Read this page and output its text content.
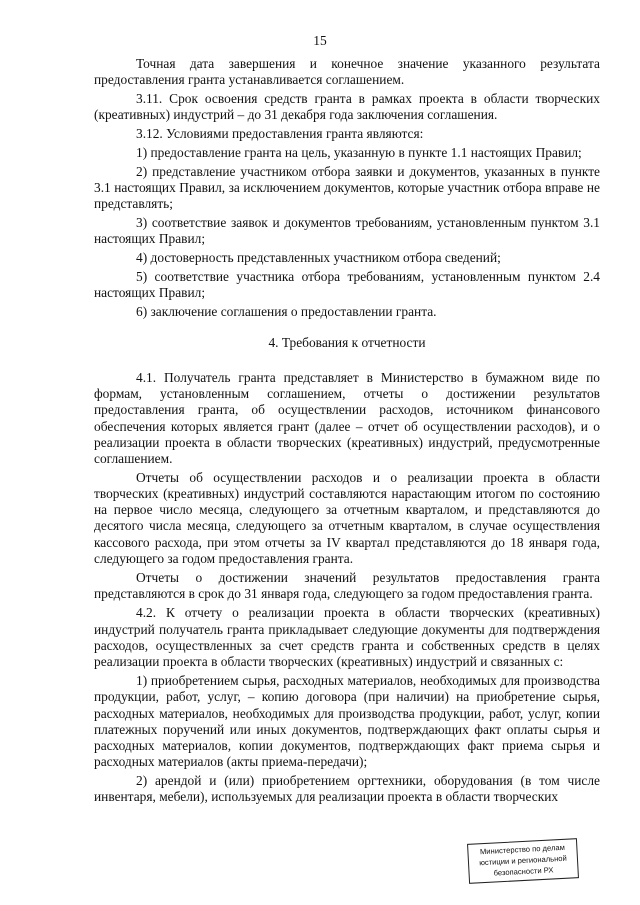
15

Точная дата завершения и конечное значение указанного результата предоставления гранта устанавливается соглашением.

3.11. Срок освоения средств гранта в рамках проекта в области творческих (креативных) индустрий – до 31 декабря года заключения соглашения.

3.12. Условиями предоставления гранта являются:

1) предоставление гранта на цель, указанную в пункте 1.1 настоящих Правил;

2) представление участником отбора заявки и документов, указанных в пункте 3.1 настоящих Правил, за исключением документов, которые участник отбора вправе не представлять;

3) соответствие заявок и документов требованиям, установленным пунктом 3.1 настоящих Правил;

4) достоверность представленных участником отбора сведений;

5) соответствие участника отбора требованиям, установленным пунктом 2.4 настоящих Правил;

6) заключение соглашения о предоставлении гранта.

4. Требования к отчетности

4.1. Получатель гранта представляет в Министерство в бумажном виде по формам, установленным соглашением, отчеты о достижении результатов предоставления гранта, об осуществлении расходов, источником финансового обеспечения которых является грант (далее – отчет об осуществлении расходов), и о реализации проекта в области творческих (креативных) индустрий, предусмотренные соглашением.

Отчеты об осуществлении расходов и о реализации проекта в области творческих (креативных) индустрий составляются нарастающим итогом по состоянию на первое число месяца, следующего за отчетным кварталом, и представляются до десятого числа месяца, следующего за отчетным кварталом, в случае осуществления кассового расхода, при этом отчеты за IV квартал представляются до 18 января года, следующего за годом предоставления гранта.

Отчеты о достижении значений результатов предоставления гранта представляются в срок до 31 января года, следующего за годом предоставления гранта.

4.2. К отчету о реализации проекта в области творческих (креативных) индустрий получатель гранта прикладывает следующие документы для подтверждения расходов, осуществленных за счет средств гранта и собственных средств в целях реализации проекта в области творческих (креативных) индустрий и связанных с:

1) приобретением сырья, расходных материалов, необходимых для производства продукции, работ, услуг, – копию договора (при наличии) на приобретение сырья, расходных материалов, необходимых для производства продукции, работ, услуг, копии платежных поручений или иных документов, подтверждающих факт оплаты сырья и расходных материалов, копии документов, подтверждающих факт приема сырья и расходных материалов (акты приема-передачи);

2) арендой и (или) приобретением оргтехники, оборудования (в том числе инвентаря, мебели), используемых для реализации проекта в области творческих

Министерство по делам
юстиции и региональной
безопасности РХ
